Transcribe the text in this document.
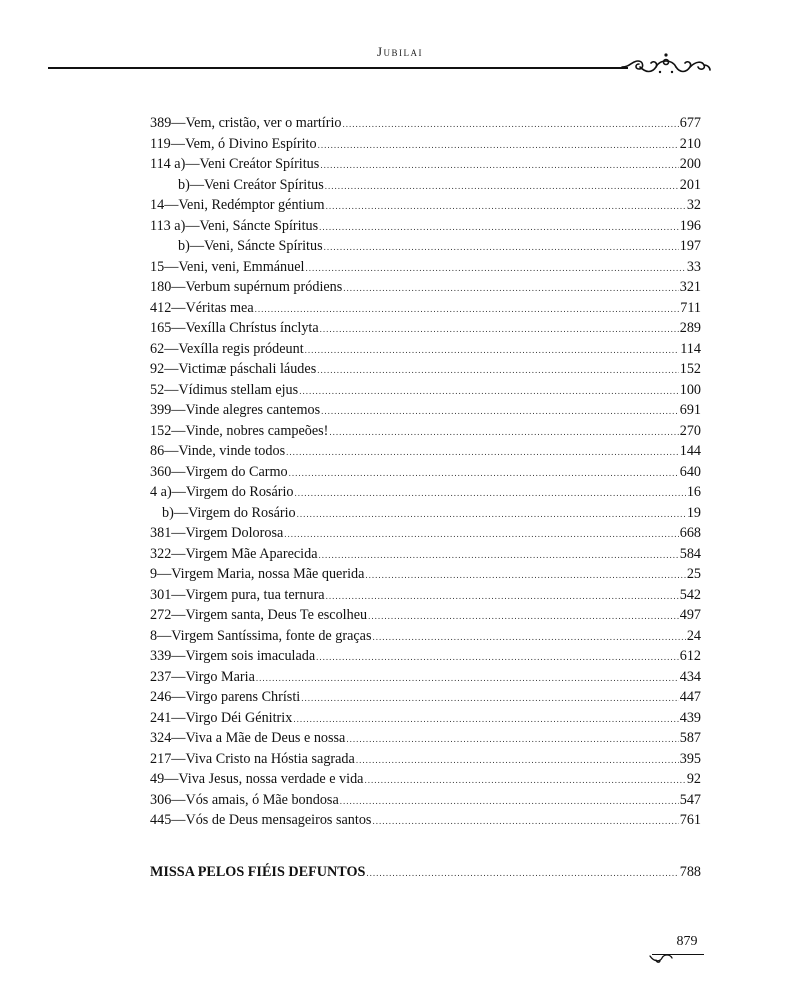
Jubilai
389—Vem, cristão, ver o martírio .....	677
119—Vem, ó Divino Espírito .....	210
114 a)—Veni Creátor Spíritus .....	200
b)—Veni Creátor Spíritus .....	201
14—Veni, Redémptor géntium .....	32
113 a)—Veni, Sáncte Spíritus .....	196
b)—Veni, Sáncte Spíritus .....	197
15—Veni, veni, Emmánuel .....	33
180—Verbum supérnum pródiens .....	321
412—Véritas mea .....	711
165—Vexílla Chrístus ínclyta .....	289
62—Vexílla regis pródeunt .....	114
92—Victimæ páschali láudes .....	152
52—Vídimus stellam ejus .....	100
399—Vinde alegres cantemos .....	691
152—Vinde, nobres campeões! .....	270
86—Vinde, vinde todos .....	144
360—Virgem do Carmo .....	640
4 a)—Virgem do Rosário .....	16
b)—Virgem do Rosário .....	19
381—Virgem Dolorosa .....	668
322—Virgem Mãe Aparecida .....	584
9—Virgem Maria, nossa Mãe querida .....	25
301—Virgem pura, tua ternura .....	542
272—Virgem santa, Deus Te escolheu .....	497
8—Virgem Santíssima, fonte de graças .....	24
339—Virgem sois imaculada .....	612
237—Virgo Maria .....	434
246—Virgo parens Chrísti .....	447
241—Virgo Déi Génitrix .....	439
324—Viva a Mãe de Deus e nossa .....	587
217—Viva Cristo na Hóstia sagrada .....	395
49—Viva Jesus, nossa verdade e vida .....	92
306—Vós amais, ó Mãe bondosa .....	547
445—Vós de Deus mensageiros santos .....	761
MISSA PELOS FIÉIS DEFUNTOS .....	788
879
